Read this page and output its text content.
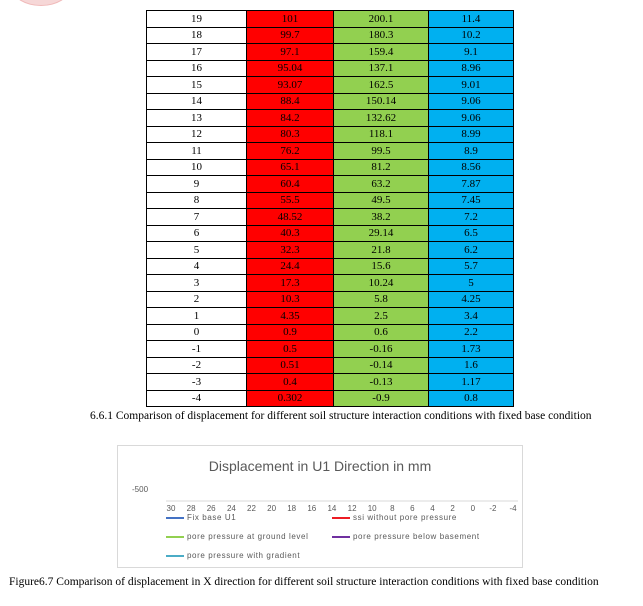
19	101	200.1	11.4
18	99.7	180.3	10.2
17	97.1	159.4	9.1
16	95.04	137.1	8.96
15	93.07	162.5	9.01
14	88.4	150.14	9.06
13	84.2	132.62	9.06
12	80.3	118.1	8.99
11	76.2	99.5	8.9
10	65.1	81.2	8.56
9	60.4	63.2	7.87
8	55.5	49.5	7.45
7	48.52	38.2	7.2
6	40.3	29.14	6.5
5	32.3	21.8	6.2
4	24.4	15.6	5.7
3	17.3	10.24	5
2	10.3	5.8	4.25
1	4.35	2.5	3.4
0	0.9	0.6	2.2
-1	0.5	-0.16	1.73
-2	0.51	-0.14	1.6
-3	0.4	-0.13	1.17
-4	0.302	-0.9	0.8
6.6.1 Comparison of displacement for different soil structure interaction conditions with fixed base condition
Displacement in U1 Direction in mm
-500
30 28 26 24 22 20 18 16 14 12 10 8 6 4 2 0 -2 -4
Fix base U1	ssi without pore pressure
pore pressure at ground level	pore pressure below basement
pore pressure with gradient
Figure6.7 Comparison of displacement in X direction for different soil structure interaction conditions with fixed base condition
